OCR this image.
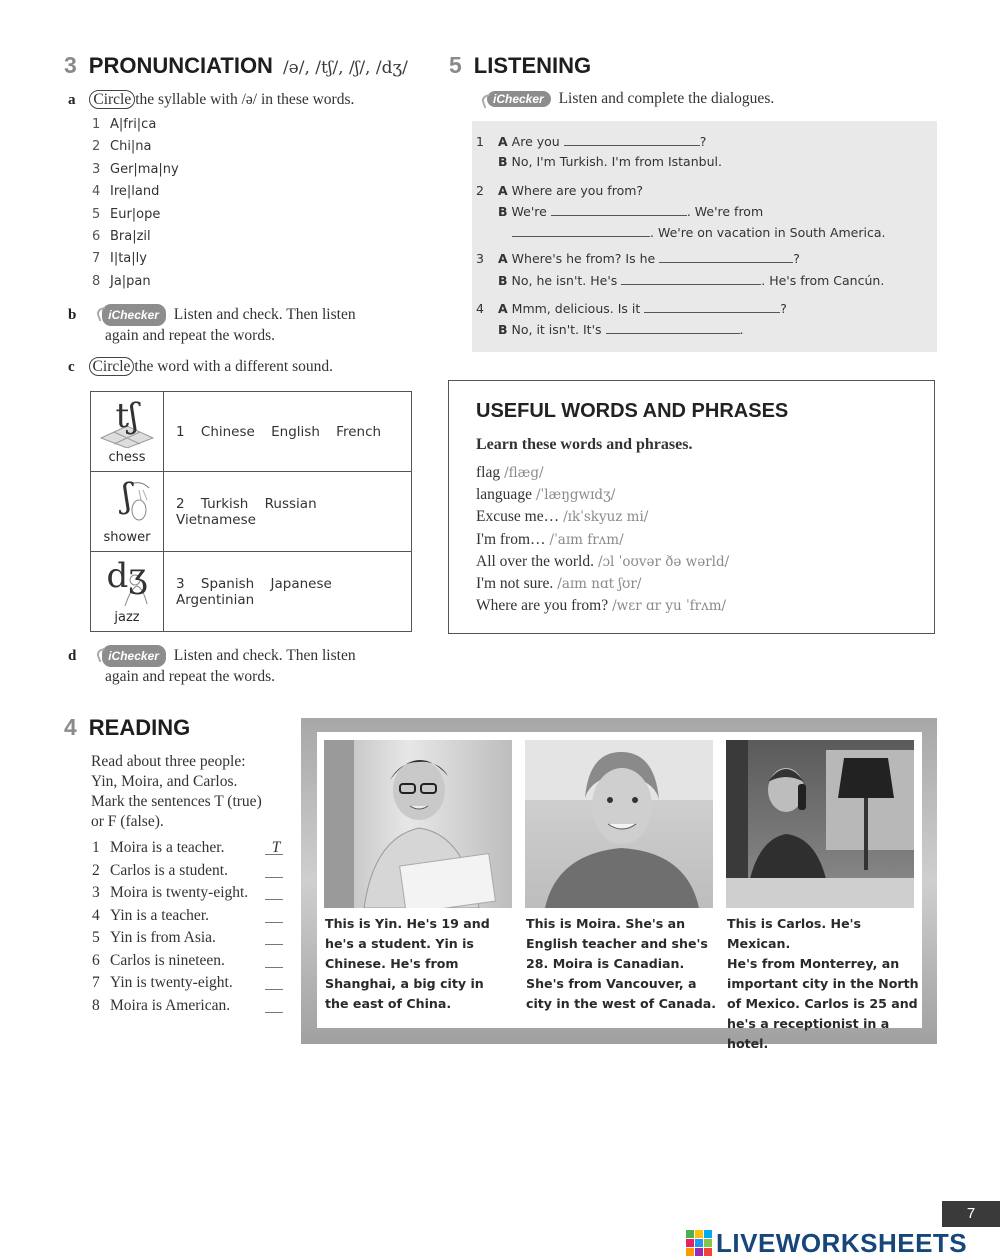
3 PRONUNCIATION /ə/, /tʃ/, /ʃ/, /dʒ/
a Circle the syllable with /ə/ in these words.
1 A|fri|ca
2 Chi|na
3 Ger|ma|ny
4 Ire|land
5 Eur|ope
6 Bra|zil
7 I|ta|ly
8 Ja|pan
b	iChecker Listen and check. Then listen
again and repeat the words.
c Circle the word with a different sound.
tʃ
chess	1 Chinese English French

ʃ
shower	2 Turkish Russian Vietnamese

dʒ
jazz	3 Spanish Japanese Argentinian
d	iChecker Listen and check. Then listen
again and repeat the words.
5 LISTENING
iChecker Listen and complete the dialogues.
1 A Are you	?
B No, I'm Turkish. I'm from Istanbul.
2 A Where are you from?
B We're	. We're from
. We're on vacation in South America.
3 A Where's he from? Is he	?
B No, he isn't. He's	. He's from Cancún.
4 A Mmm, delicious. Is it	?
B No, it isn't. It's	.
USEFUL WORDS AND PHRASES
Learn these words and phrases.
flag /flæg/
language /ˈlæŋgwɪdʒ/
Excuse me… /ɪkˈskyuz mi/
I'm from… /ˈaɪm frʌm/
All over the world. /ɔl ˈoʊvər ðə wərld/
I'm not sure. /aɪm nɑt ʃʊr/
Where are you from? /wɛr ɑr yu ˈfrʌm/
4 READING
Read about three people:
Yin, Moira, and Carlos.
Mark the sentences T (true)
or F (false).
1 Moira is a teacher.	T
2 Carlos is a student.
3 Moira is twenty-eight.
4 Yin is a teacher.
5 Yin is from Asia.
6 Carlos is nineteen.
7 Yin is twenty-eight.
8 Moira is American.
This is Yin. He's 19 and
he's a student. Yin is
Chinese. He's from
Shanghai, a big city in
the east of China.
This is Moira. She's an
English teacher and she's
28. Moira is Canadian.
She's from Vancouver, a
city in the west of Canada.
This is Carlos. He's Mexican.
He's from Monterrey, an
important city in the North
of Mexico. Carlos is 25 and
he's a receptionist in a hotel.
7
LIVEWORKSHEETS
